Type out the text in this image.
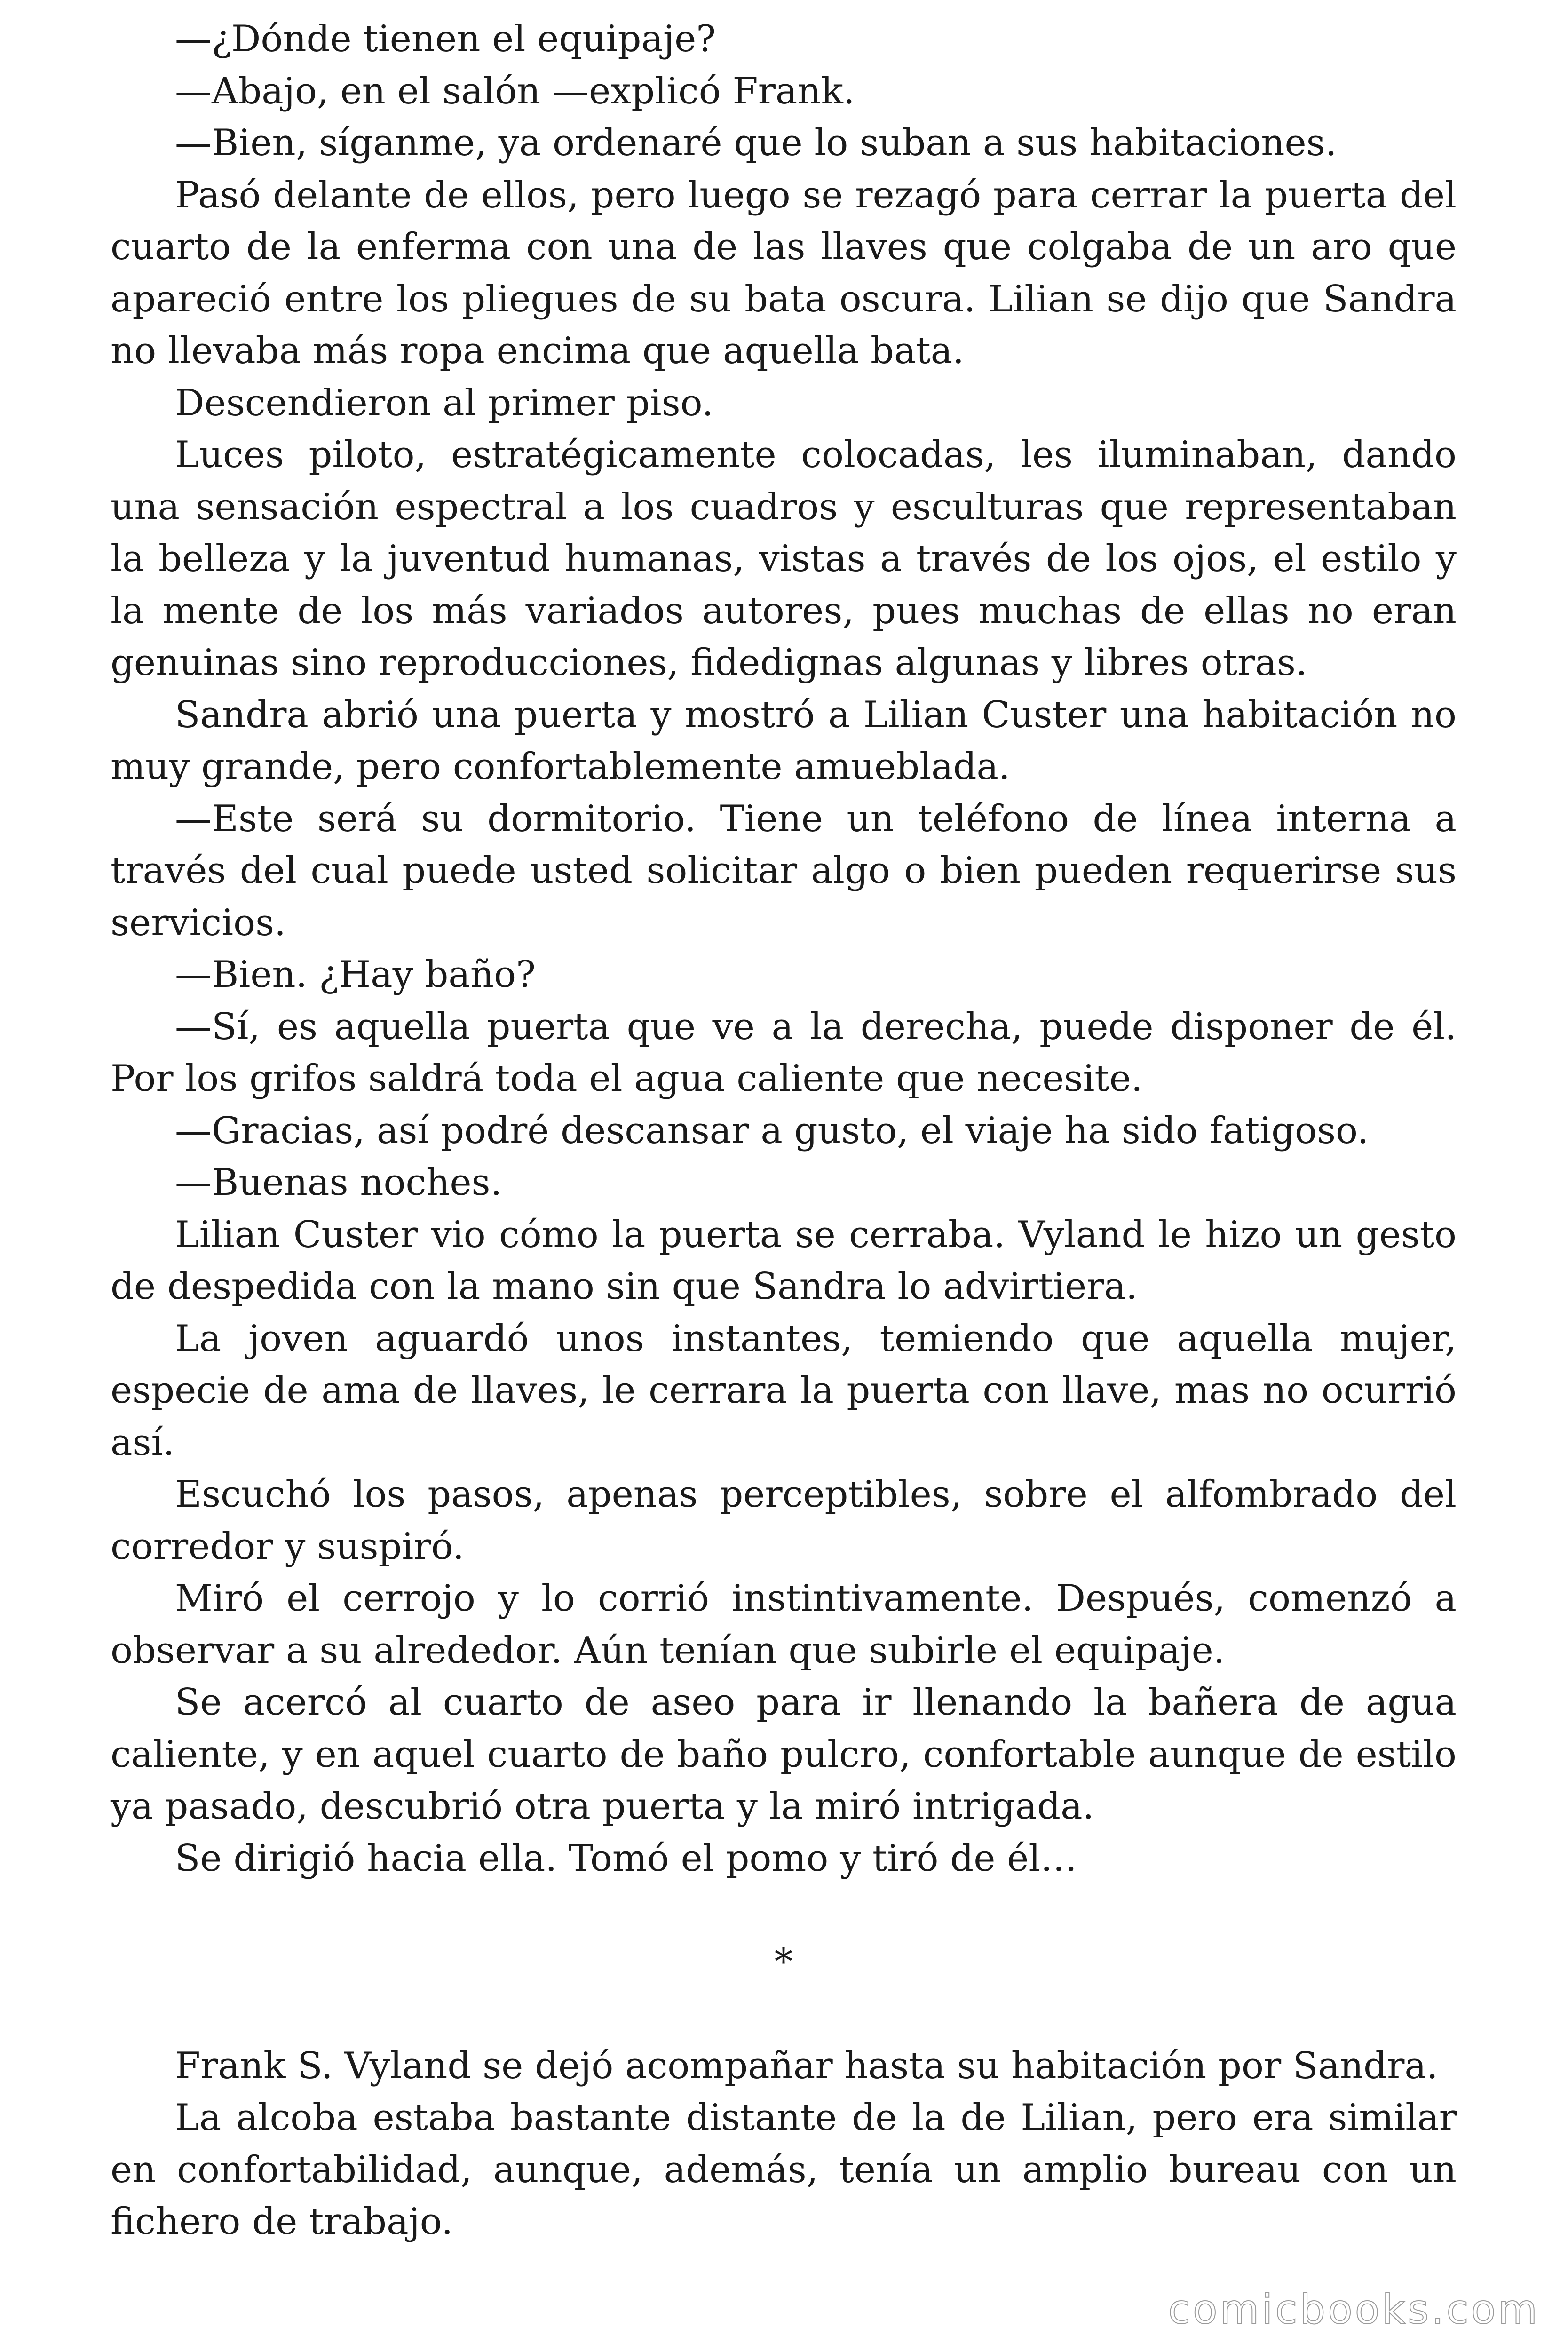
—¿Dónde tienen el equipaje?

—Abajo, en el salón —explicó Frank.

—Bien, síganme, ya ordenaré que lo suban a sus habitaciones.

Pasó delante de ellos, pero luego se rezagó para cerrar la puerta del cuarto de la enferma con una de las llaves que colgaba de un aro que apareció entre los pliegues de su bata oscura. Lilian se dijo que Sandra no llevaba más ropa encima que aquella bata.

Descendieron al primer piso.

Luces piloto, estratégicamente colocadas, les iluminaban, dando una sensación espectral a los cuadros y esculturas que representaban la belleza y la juventud humanas, vistas a través de los ojos, el estilo y la mente de los más variados autores, pues muchas de ellas no eran genuinas sino reproducciones, fidedignas algunas y libres otras.

Sandra abrió una puerta y mostró a Lilian Custer una habitación no muy grande, pero confortablemente amueblada.

—Este será su dormitorio. Tiene un teléfono de línea interna a través del cual puede usted solicitar algo o bien pueden requerirse sus servicios.

—Bien. ¿Hay baño?

—Sí, es aquella puerta que ve a la derecha, puede disponer de él. Por los grifos saldrá toda el agua caliente que necesite.

—Gracias, así podré descansar a gusto, el viaje ha sido fatigoso.

—Buenas noches.

Lilian Custer vio cómo la puerta se cerraba. Vyland le hizo un gesto de despedida con la mano sin que Sandra lo advirtiera.

La joven aguardó unos instantes, temiendo que aquella mujer, especie de ama de llaves, le cerrara la puerta con llave, mas no ocurrió así.

Escuchó los pasos, apenas perceptibles, sobre el alfombrado del corredor y suspiró.

Miró el cerrojo y lo corrió instintivamente. Después, comenzó a observar a su alrededor. Aún tenían que subirle el equipaje.

Se acercó al cuarto de aseo para ir llenando la bañera de agua caliente, y en aquel cuarto de baño pulcro, confortable aunque de estilo ya pasado, descubrió otra puerta y la miró intrigada.

Se dirigió hacia ella. Tomó el pomo y tiró de él…

*

Frank S. Vyland se dejó acompañar hasta su habitación por Sandra.

La alcoba estaba bastante distante de la de Lilian, pero era similar en confortabilidad, aunque, además, tenía un amplio bureau con un fichero de trabajo.

comicbooks.com
